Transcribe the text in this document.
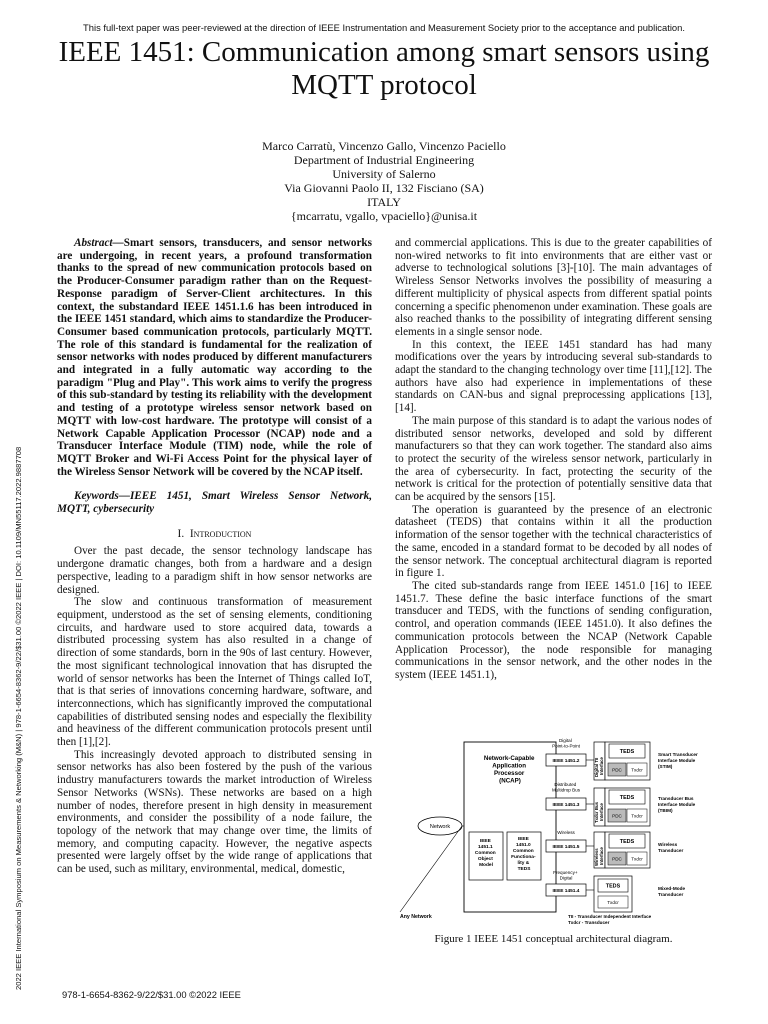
This full-text paper was peer-reviewed at the direction of IEEE Instrumentation and Measurement Society prior to the acceptance and publication.
IEEE 1451: Communication among smart sensors using MQTT protocol
Marco Carratù, Vincenzo Gallo, Vincenzo Paciello
Department of Industrial Engineering
University of Salerno
Via Giovanni Paolo II, 132 Fisciano (SA)
ITALY
{mcarratu, vgallo, vpaciello}@unisa.it
2022 IEEE International Symposium on Measurements & Networking (M&N) | 978-1-6654-8362-9/22/$31.00 ©2022 IEEE | DOI: 10.1109/MN55117.2022.9887708

Abstract—Smart sensors, transducers, and sensor networks are undergoing, in recent years, a profound transformation thanks to the spread of new communication protocols based on the Producer-Consumer paradigm rather than on the Request-Response paradigm of Server-Client architectures. In this context, the substandard IEEE 1451.1.6 has been introduced in the IEEE 1451 standard, which aims to standardize the Producer-Consumer based communication protocols, particularly MQTT. The role of this standard is fundamental for the realization of sensor networks with nodes produced by different manufacturers and integrated in a fully automatic way according to the paradigm "Plug and Play". This work aims to verify the progress of this sub-standard by testing its reliability with the development and testing of a prototype wireless sensor network based on MQTT with low-cost hardware. The prototype will consist of a Network Capable Application Processor (NCAP) node and a Transducer Interface Module (TIM) node, while the role of MQTT Broker and Wi-Fi Access Point for the physical layer of the Wireless Sensor Network will be covered by the NCAP itself.

Keywords—IEEE 1451, Smart Wireless Sensor Network, MQTT, cybersecurity

I. Introduction

Over the past decade, the sensor technology landscape has undergone dramatic changes, both from a hardware and a design perspective, leading to a paradigm shift in how sensor networks are designed.

The slow and continuous transformation of measurement equipment, understood as the set of sensing elements, conditioning circuits, and hardware used to store acquired data, towards a distributed processing system has also resulted in a change of direction of some standards, born in the 90s of last century. However, the most significant technological innovation that has disrupted the world of sensor networks has been the Internet of Things called IoT, that is that series of innovations concerning hardware, software, and interconnections, which has significantly improved the computational capabilities of distributed sensing nodes and especially the flexibility and heaviness of the different communication protocols present until then [1],[2].

This increasingly devoted approach to distributed sensing in sensor networks has also been fostered by the push of the various industry manufacturers towards the market introduction of Wireless Sensor Networks (WSNs). These networks are based on a high number of nodes, therefore present in high density in measurement environments, and consider the possibility of a node failure, the topology of the network that may change over time, the limits of memory, and computing capacity. However, the negative aspects presented were largely offset by the wide range of applications that can be used, such as military, environmental, medical, domestic,

and commercial applications. This is due to the greater capabilities of non-wired networks to fit into environments that are either vast or adverse to technological solutions [3]-[10]. The main advantages of Wireless Sensor Networks involves the possibility of measuring a different multiplicity of physical aspects from different spatial points concerning a specific phenomenon under examination. These goals are also reached thanks to the possibility of integrating different sensing elements in a single sensor node.

In this context, the IEEE 1451 standard has had many modifications over the years by introducing several sub-standards to adapt the standard to the changing technology over time [11],[12]. The authors have also had experience in implementations of these standards on CAN-bus and signal preprocessing applications [13],[14].

The main purpose of this standard is to adapt the various nodes of distributed sensor networks, developed and sold by different manufacturers so that they can work together. The standard also aims to protect the security of the wireless sensor network, particularly in the area of cybersecurity. In fact, protecting the security of the network is critical for the protection of potentially sensitive data that can be acquired by the sensors [15].

The operation is guaranteed by the presence of an electronic datasheet (TEDS) that contains within it all the production information of the sensor together with the technical characteristics of the same, encoded in a standard format to be decoded by all nodes of the sensor network. The conceptual architectural diagram is reported in figure 1.

The cited sub-standards range from IEEE 1451.0 [16] to IEEE 1451.7. These define the basic interface functions of the smart transducer and TEDS, with the functions of sending configuration, control, and operation commands (IEEE 1451.0). It also defines the communication protocols between the NCAP (Network Capable Application Processor), the node responsible for managing communications in the sensor network, and the other nodes in the system (IEEE 1451.1),

Network-Capable Application Processor (NCAP)
Network
Any Network
IEEE 1451.1 Common Object Model
IEEE 1451.0 Common Functiona- lity & TEDS
Digital Point-to-Point
IEEE 1451.2	Digital TII Interface
TEDS
PDC Txdcr
Smart Transducer Interface Module (STIM)
Distributed Multidrop Bus
IEEE 1451.3	Txdcr Bus Interface
TEDS
PDC Txdcr
Transducer Bus Interface Module (TBIM)
Wireless
IEEE 1451.5
Wireless Interface
TEDS
PDC Txdcr
Wireless Transducer
Frequency+ Digital
IEEE 1451.4
TEDS
Txdcr
Mixed-Mode Transducer
TII - Transducer Independent Interface Txdcr - Transducer
Figure 1 IEEE 1451 conceptual architectural diagram.
978-1-6654-8362-9/22/$31.00 ©2022 IEEE
